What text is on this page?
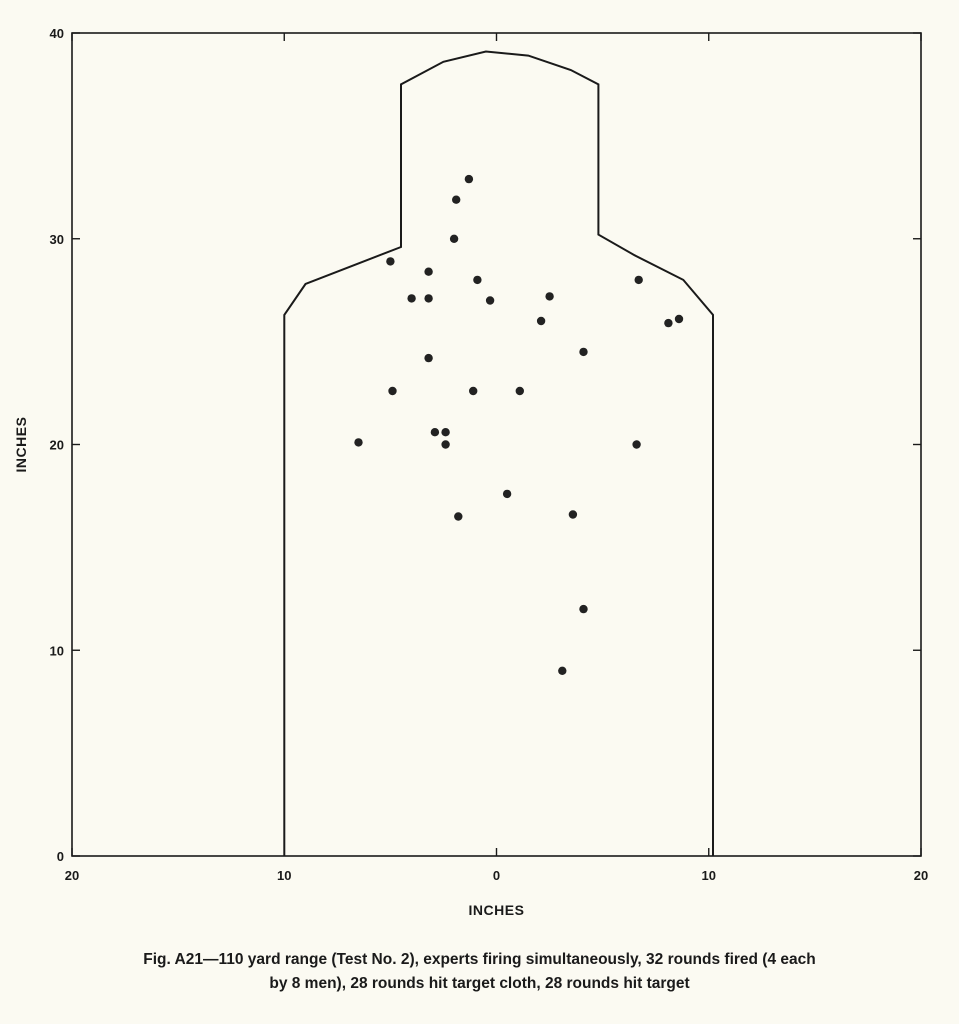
20	10	0	10	20
0
10
20
30
40
INCHES
INCHES
Fig. A21—110 yard range (Test No. 2), experts firing simultaneously, 32 rounds fired (4 each
by 8 men), 28 rounds hit target cloth, 28 rounds hit target
